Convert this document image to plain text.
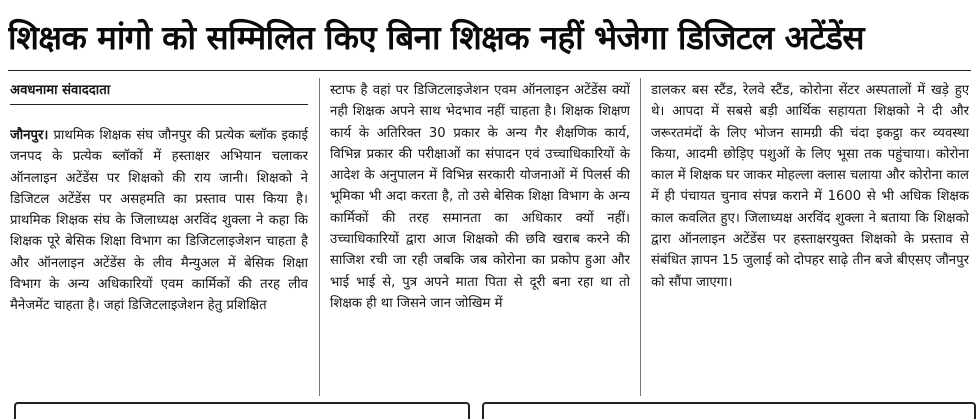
शिक्षक मांगो को सम्मिलित किए बिना शिक्षक नहीं भेजेगा डिजिटल अटेंडेंस
अवधनामा संवाददाता

जौनपुर। प्राथमिक शिक्षक संघ जौनपुर की प्रत्येक ब्लॉक इकाई जनपद के प्रत्येक ब्लॉकों में हस्ताक्षर अभियान चलाकर ऑनलाइन अटेंडेंस पर शिक्षको की राय जानी। शिक्षको ने डिजिटल अटेंडेंस पर असहमति का प्रस्ताव पास किया है। प्राथमिक शिक्षक संघ के जिलाध्यक्ष अरविंद शुक्ला ने कहा कि शिक्षक पूरे बेसिक शिक्षा विभाग का डिजिटलाइजेशन चाहता है और ऑनलाइन अटेंडेंस के लीव मैन्युअल में बेसिक शिक्षा विभाग के अन्य अधिकारियों एवम कार्मिकों की तरह लीव मैनेजमेंट चाहता है। जहां डिजिटलाइजेशन हेतु प्रशिक्षित

स्टाफ है वहां पर डिजिटलाइजेशन एवम ऑनलाइन अटेंडेंस क्यों नही शिक्षक अपने साथ भेदभाव नहीं चाहता है। शिक्षक शिक्षण कार्य के अतिरिक्त 30 प्रकार के अन्य गैर शैक्षणिक कार्य, विभिन्न प्रकार की परीक्षाओं का संपादन एवं उच्चाधिकारियों के आदेश के अनुपालन में विभिन्न सरकारी योजनाओं में पिलर्स की भूमिका भी अदा करता है, तो उसे बेसिक शिक्षा विभाग के अन्य कार्मिकों की तरह समानता का अधिकार क्यों नहीं। उच्चाधिकारियों द्वारा आज शिक्षको की छवि खराब करने की साजिश रची जा रही जबकि जब कोरोना का प्रकोप हुआ और भाई भाई से, पुत्र अपने माता पिता से दूरी बना रहा था तो शिक्षक ही था जिसने जान जोखिम में

डालकर बस स्टैंड, रेलवे स्टैंड, कोरोना सेंटर अस्पतालों में खड़े हुए थे। आपदा में सबसे बड़ी आर्थिक सहायता शिक्षको ने दी और जरूरतमंदों के लिए भोजन सामग्री की चंदा इकट्ठा कर व्यवस्था किया, आदमी छोड़िए पशुओं के लिए भूसा तक पहुंचाया। कोरोना काल में शिक्षक घर जाकर मोहल्ला क्लास चलाया और कोरोना काल में ही पंचायत चुनाव संपन्न कराने में 1600 से भी अधिक शिक्षक काल कवलित हुए। जिलाध्यक्ष अरविंद शुक्ला ने बताया कि शिक्षको द्वारा ऑनलाइन अटेंडेंस पर हस्ताक्षरयुक्त शिक्षको के प्रस्ताव से संबंधित ज्ञापन 15 जुलाई को दोपहर साढ़े तीन बजे बीएसए जौनपुर को सौंपा जाएगा।
